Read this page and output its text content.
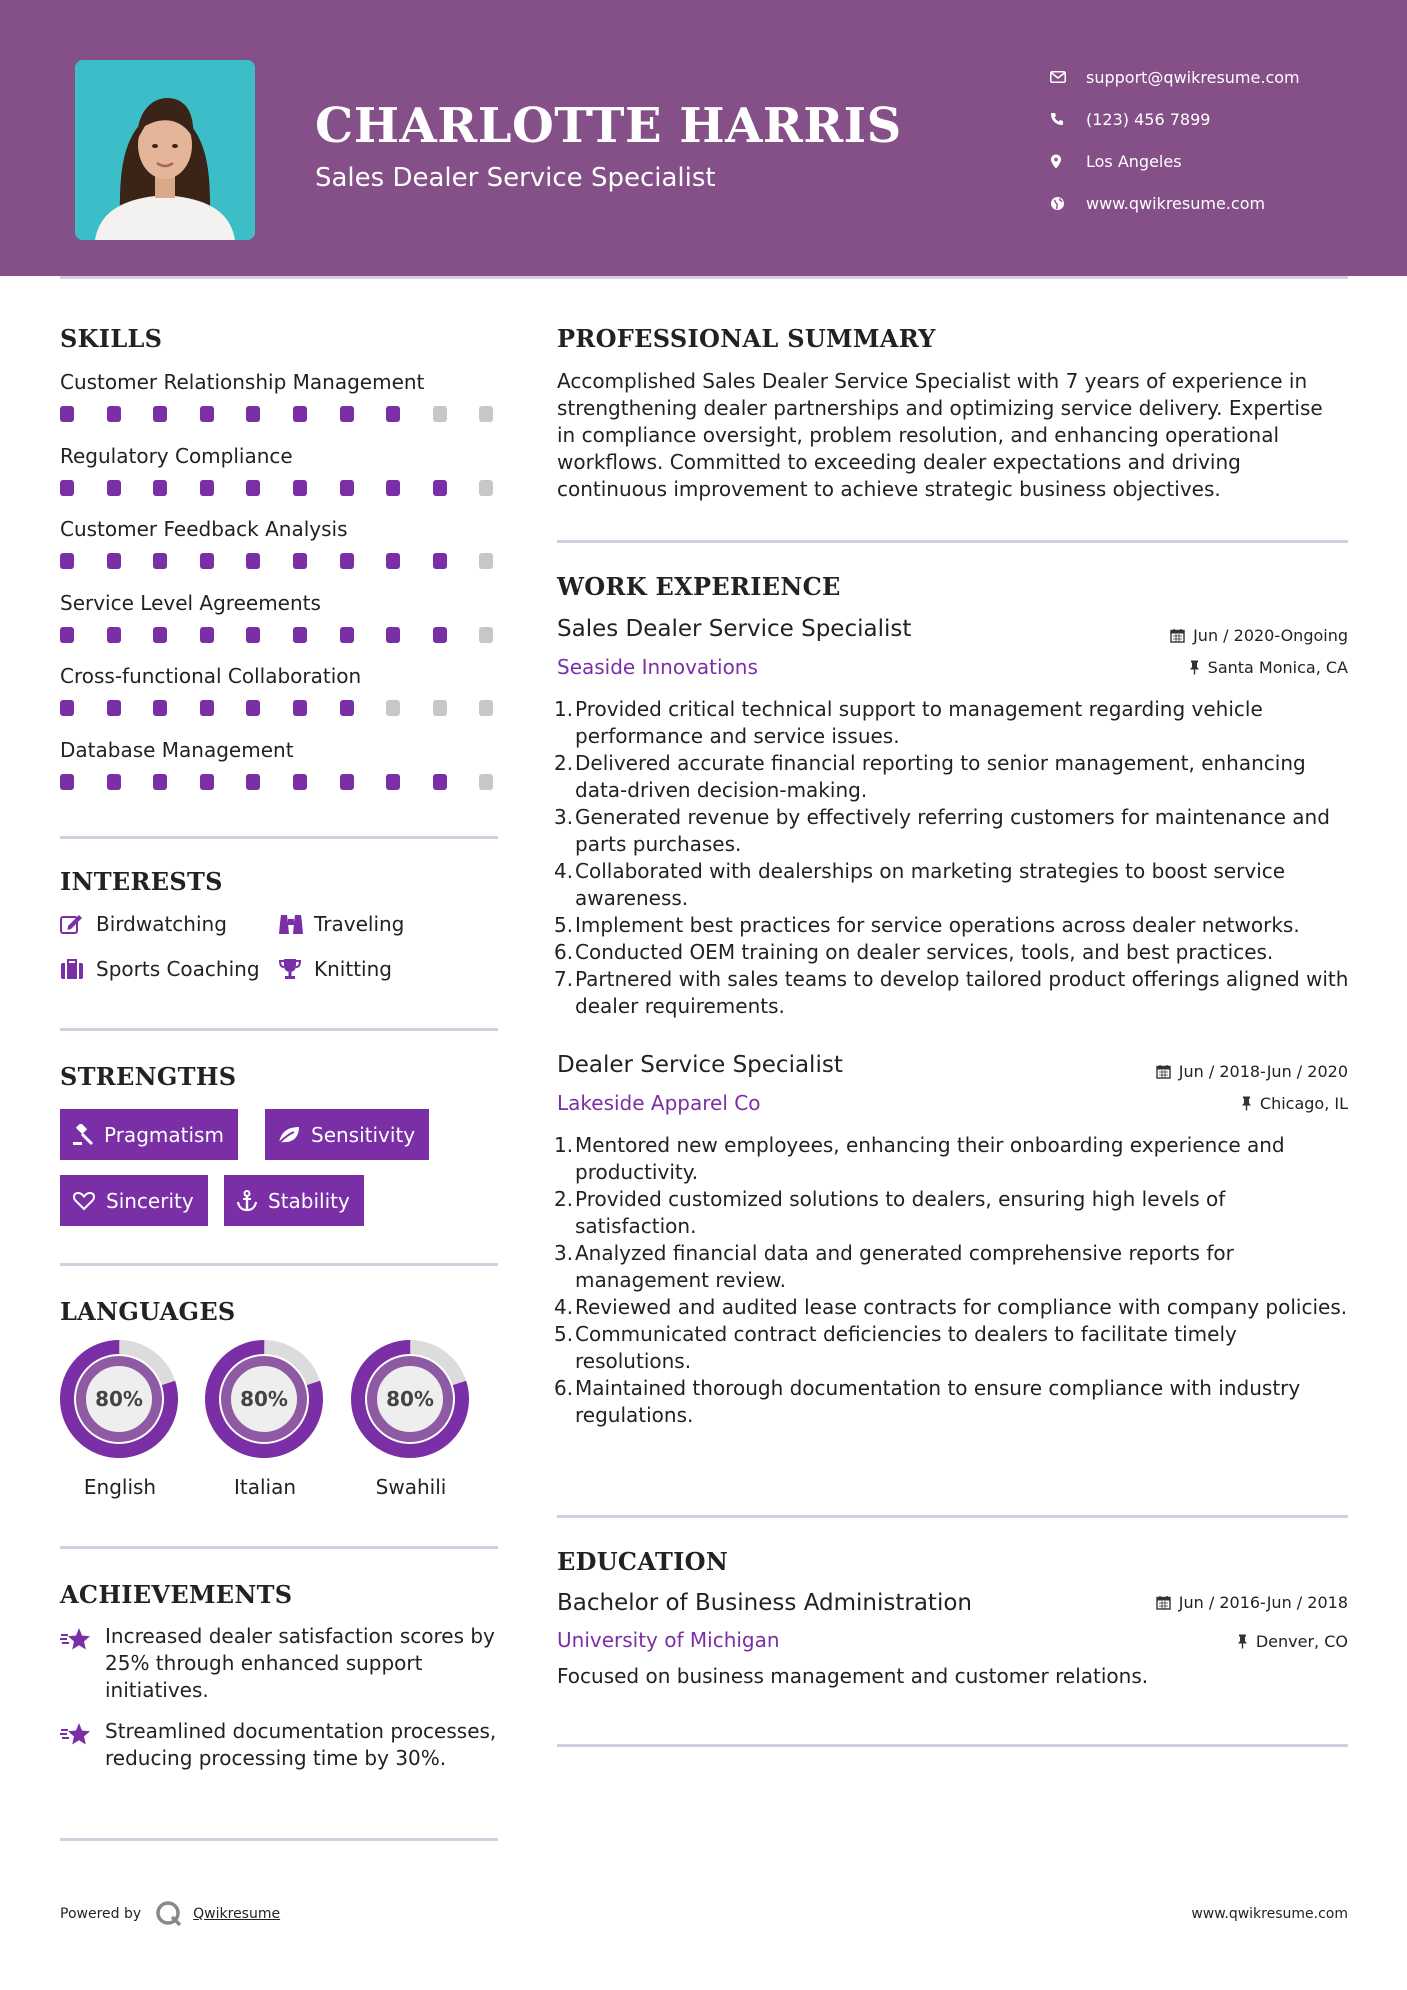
CHARLOTTE HARRIS
Sales Dealer Service Specialist
support@qwikresume.com
(123) 456 7899
Los Angeles
www.qwikresume.com
SKILLS
Customer Relationship Management
Regulatory Compliance
Customer Feedback Analysis
Service Level Agreements
Cross-functional Collaboration
Database Management
INTERESTS
Birdwatching	Traveling
Sports Coaching	Knitting
STRENGTHS
Pragmatism	Sensitivity
Sincerity	Stability
LANGUAGES
80%	80%	80%
English	Italian	Swahili
ACHIEVEMENTS
Increased dealer satisfaction scores by 25% through enhanced support initiatives.
Streamlined documentation processes, reducing processing time by 30%.
PROFESSIONAL SUMMARY
Accomplished Sales Dealer Service Specialist with 7 years of experience in strengthening dealer partnerships and optimizing service delivery. Expertise in compliance oversight, problem resolution, and enhancing operational workflows. Committed to exceeding dealer expectations and driving continuous improvement to achieve strategic business objectives.
WORK EXPERIENCE
Sales Dealer Service Specialist	Jun / 2020-Ongoing
Seaside Innovations	Santa Monica, CA
Provided critical technical support to management regarding vehicle performance and service issues.
Delivered accurate financial reporting to senior management, enhancing data-driven decision-making.
Generated revenue by effectively referring customers for maintenance and parts purchases.
Collaborated with dealerships on marketing strategies to boost service awareness.
Implement best practices for service operations across dealer networks.
Conducted OEM training on dealer services, tools, and best practices.
Partnered with sales teams to develop tailored product offerings aligned with dealer requirements.
Dealer Service Specialist	Jun / 2018-Jun / 2020
Lakeside Apparel Co	Chicago, IL
Mentored new employees, enhancing their onboarding experience and productivity.
Provided customized solutions to dealers, ensuring high levels of satisfaction.
Analyzed financial data and generated comprehensive reports for management review.
Reviewed and audited lease contracts for compliance with company policies.
Communicated contract deficiencies to dealers to facilitate timely resolutions.
Maintained thorough documentation to ensure compliance with industry regulations.
EDUCATION
Bachelor of Business Administration	Jun / 2016-Jun / 2018
University of Michigan	Denver, CO
Focused on business management and customer relations.
Powered by	Qwikresume	www.qwikresume.com
